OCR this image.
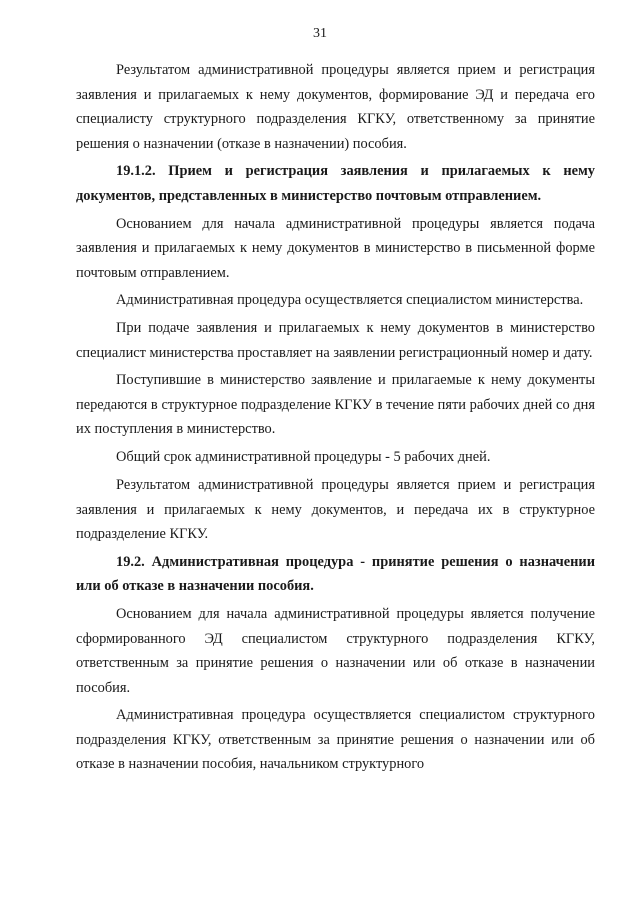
31

Результатом административной процедуры является прием и регистрация заявления и прилагаемых к нему документов, формирование ЭД и передача его специалисту структурного подразделения КГКУ, ответственному за принятие решения о назначении (отказе в назначении) пособия.

19.1.2. Прием и регистрация заявления и прилагаемых к нему документов, представленных в министерство почтовым отправлением.

Основанием для начала административной процедуры является подача заявления и прилагаемых к нему документов в министерство в письменной форме почтовым отправлением.

Административная процедура осуществляется специалистом министерства.

При подаче заявления и прилагаемых к нему документов в министерство специалист министерства проставляет на заявлении регистрационный номер и дату.

Поступившие в министерство заявление и прилагаемые к нему документы передаются в структурное подразделение КГКУ в течение пяти рабочих дней со дня их поступления в министерство.

Общий срок административной процедуры - 5 рабочих дней.

Результатом административной процедуры является прием и регистрация заявления и прилагаемых к нему документов, и передача их в структурное подразделение КГКУ.

19.2. Административная процедура - принятие решения о назначении или об отказе в назначении пособия.

Основанием для начала административной процедуры является получение сформированного ЭД специалистом структурного подразделения КГКУ, ответственным за принятие решения о назначении или об отказе в назначении пособия.

Административная процедура осуществляется специалистом структурного подразделения КГКУ, ответственным за принятие решения о назначении или об отказе в назначении пособия, начальником структурного
